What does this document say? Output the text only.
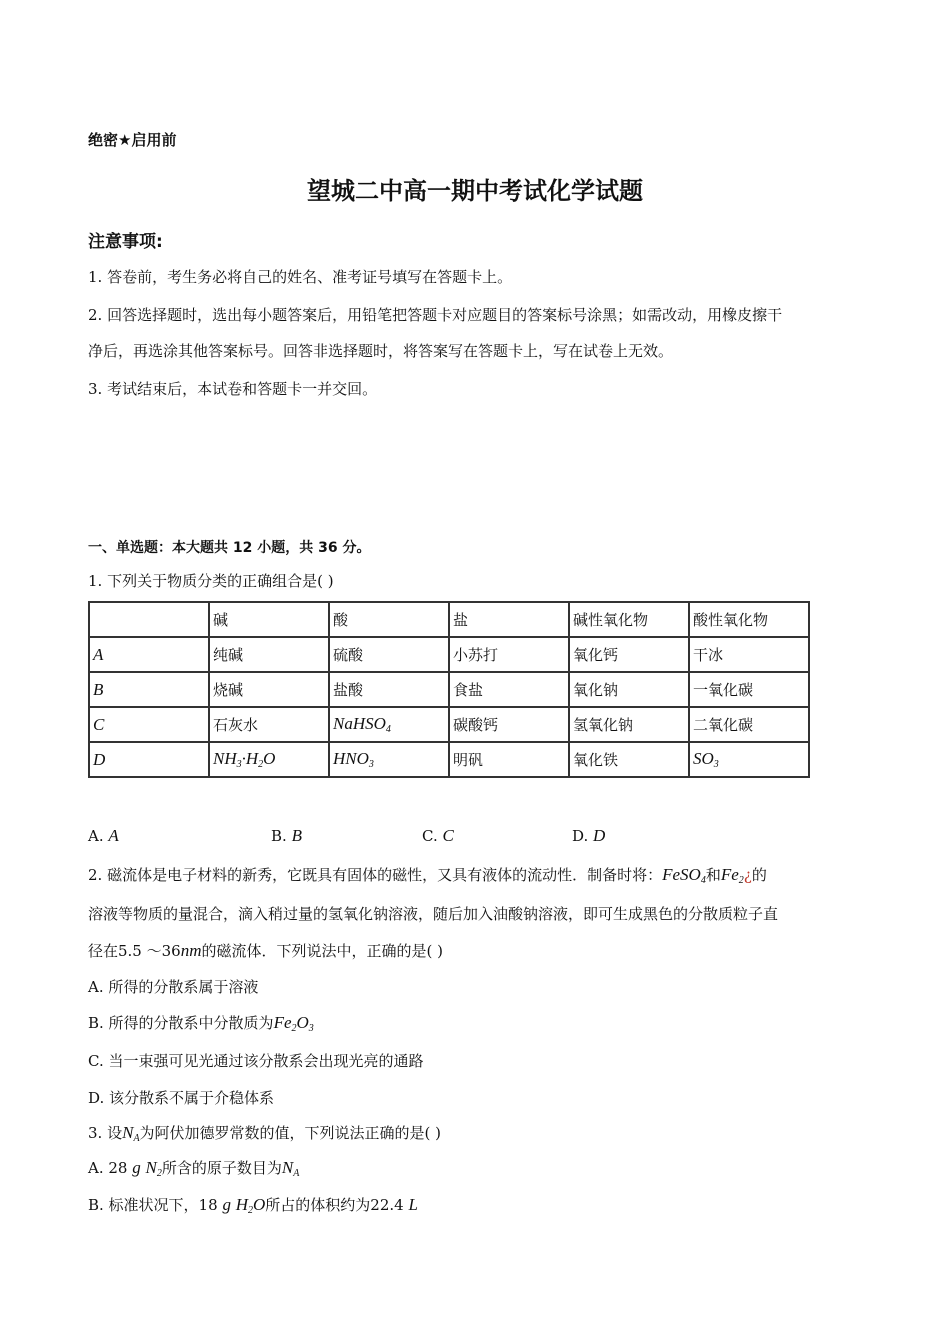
绝密★启用前
望城二中高一期中考试化学试题
注意事项:
1. 答卷前，考生务必将自己的姓名、准考证号填写在答题卡上。
2. 回答选择题时，选出每小题答案后，用铅笔把答题卡对应题目的答案标号涂黑；如需改动，用橡皮擦干
净后，再选涂其他答案标号。回答非选择题时，将答案写在答题卡上，写在试卷上无效。
3. 考试结束后，本试卷和答题卡一并交回。
一、单选题：本大题共 12 小题，共 36 分。
1. 下列关于物质分类的正确组合是( )
	碱	酸	盐	碱性氧化物	酸性氧化物
A	纯碱	硫酸	小苏打	氧化钙	干冰
B	烧碱	盐酸	食盐	氧化钠	一氧化碳
C	石灰水	NaHSO$_4$	碳酸钙	氢氧化钠	二氧化碳
D	$NH_3\cdot H_2O$	$HNO_3$	明矾	氧化铁	$SO_3$
A. A	B. B	C. C	D. D
2. 磁流体是电子材料的新秀，它既具有固体的磁性，又具有液体的流动性．制备时将：FeSO$_4$和$Fe_2¿$的
溶液等物质的量混合，滴入稍过量的氢氧化钠溶液，随后加入油酸钠溶液，即可生成黑色的分散质粒子直
径在5.5 ～36nm的磁流体．下列说法中，正确的是( )
A. 所得的分散系属于溶液
B. 所得的分散系中分散质为$Fe_2O_3$
C. 当一束强可见光通过该分散系会出现光亮的通路
D. 该分散系不属于介稳体系
3. 设$N_A$为阿伏加德罗常数的值，下列说法正确的是( )
A. 28 g $N_2$所含的原子数目为$N_A$
B. 标准状况下，18 g $H_2O$所占的体积约为22.4 L
